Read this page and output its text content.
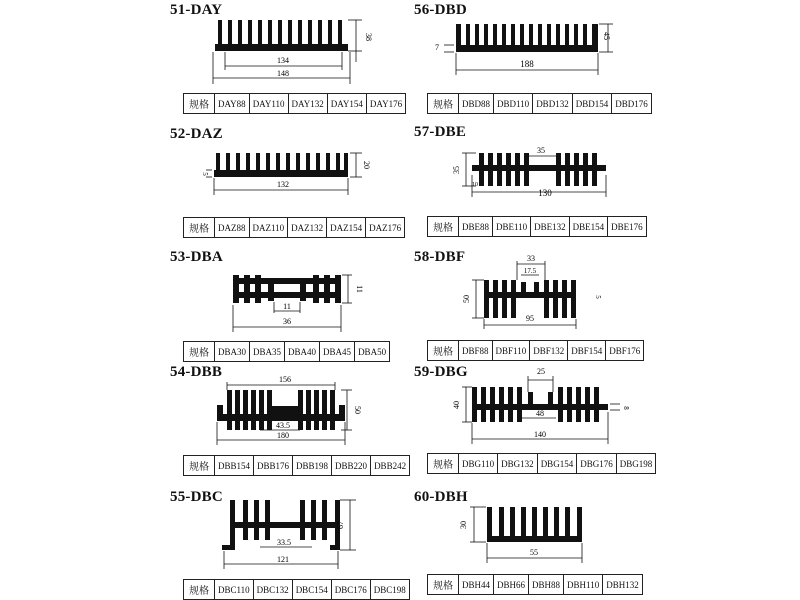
51-DAY
134
148
38
规格	DAY88	DAY110	DAY132	DAY154	DAY176
52-DAZ
132
20
5
规格	DAZ88	DAZ110	DAZ132	DAZ154	DAZ176
53-DBA
11
36
11
规格	DBA30	DBA35	DBA40	DBA45	DBA50
54-DBB	156
43.5
180
50
规格	DBB154	DBB176	DBB198	DBB220	DBB242
55-DBC
33.5
121
67
规格	DBC110	DBC132	DBC154	DBC176	DBC198
56-DBD
188
45
7
规格	DBD88	DBD110	DBD132	DBD154	DBD176
57-DBE
35
130
35
10
规格	DBE88	DBE110	DBE132	DBE154	DBE176
58-DBF	33
17.5
50
95
5
规格	DBF88	DBF110	DBF132	DBF154	DBF176
59-DBG	25
48
140
40	8
规格	DBG110	DBG132	DBG154	DBG176	DBG198
60-DBH
30
55
规格	DBH44	DBH66	DBH88	DBH110	DBH132
